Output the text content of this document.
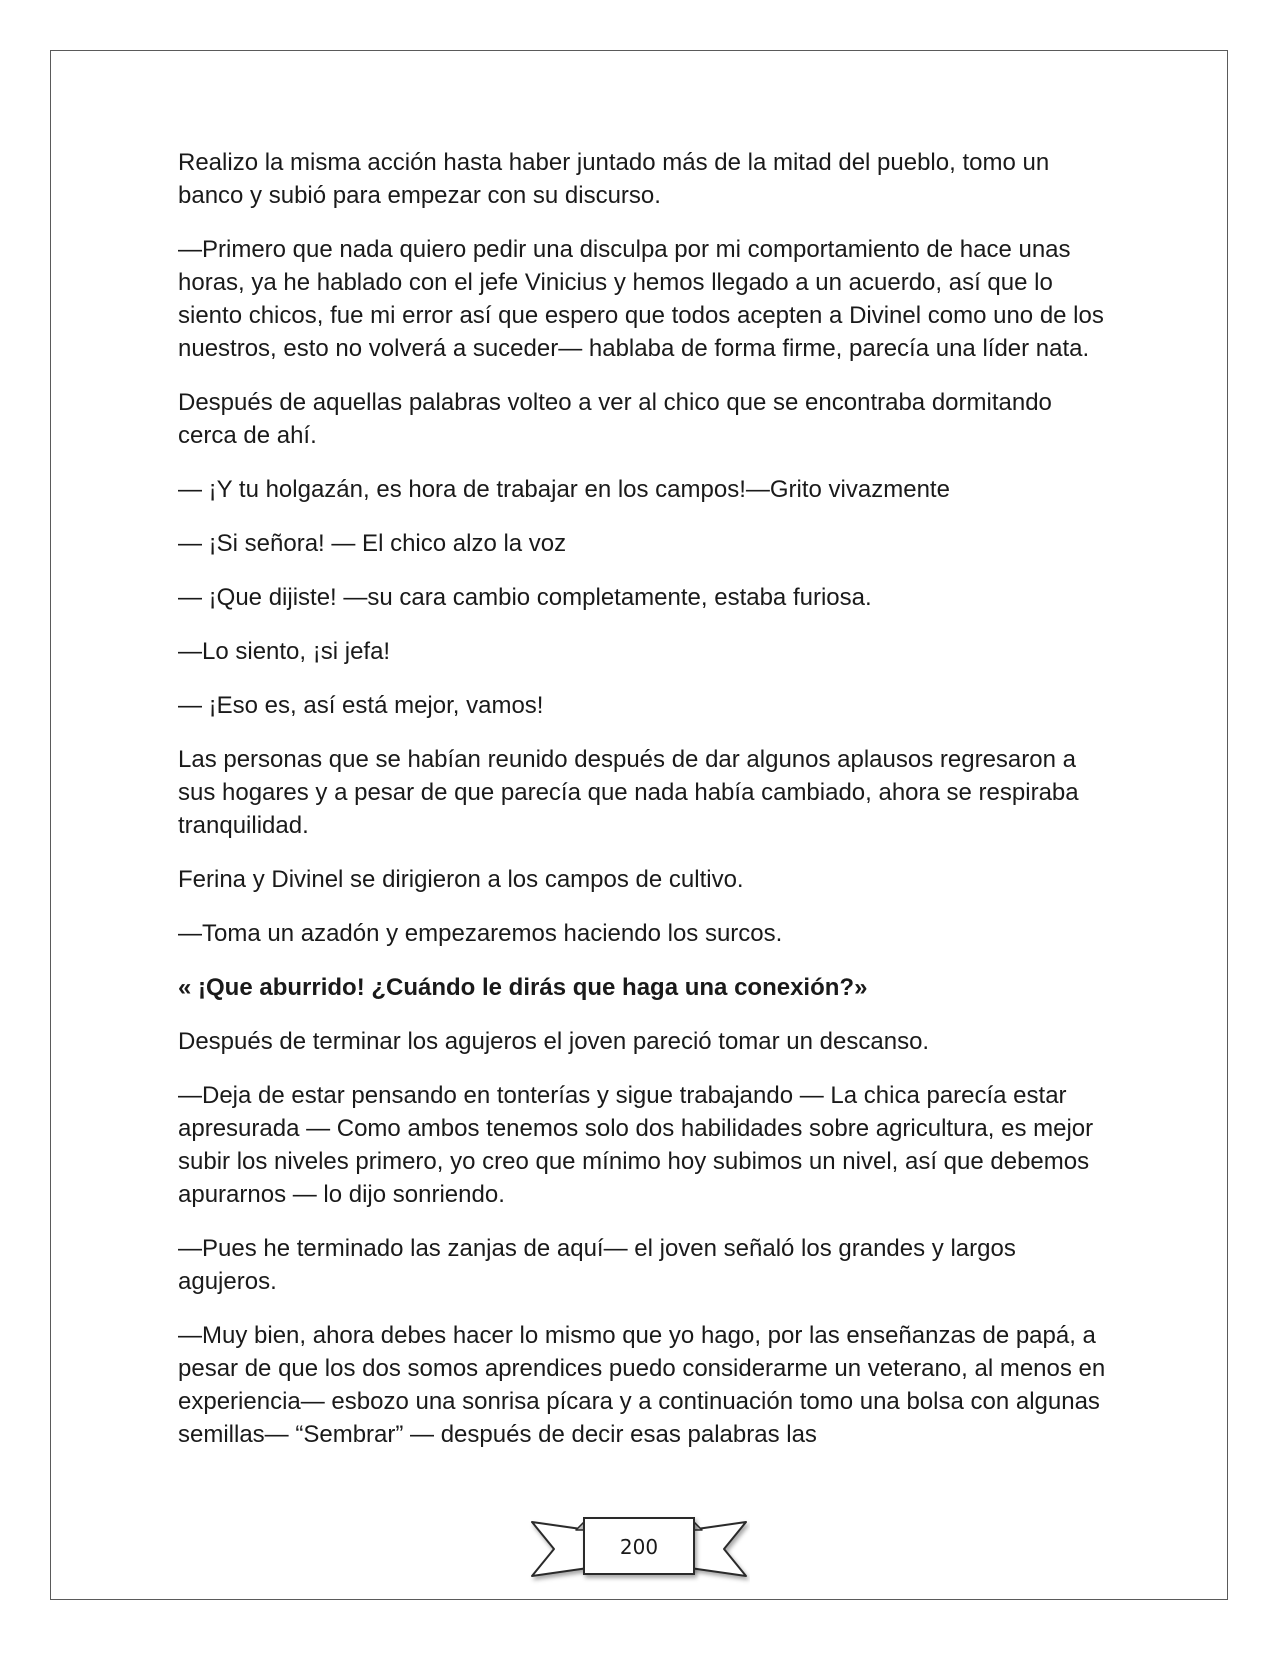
Realizo la misma acción hasta haber juntado más de la mitad del pueblo, tomo un banco y subió para empezar con su discurso.

—Primero que nada quiero pedir una disculpa por mi comportamiento de hace unas horas, ya he hablado con el jefe Vinicius y hemos llegado a un acuerdo, así que lo siento chicos, fue mi error así que espero que todos acepten a Divinel como uno de los nuestros, esto no volverá a suceder— hablaba de forma firme, parecía una líder nata.

Después de aquellas palabras volteo a ver al chico que se encontraba dormitando cerca de ahí.

— ¡Y tu holgazán, es hora de trabajar en los campos!—Grito vivazmente

— ¡Si señora! — El chico alzo la voz

— ¡Que dijiste! —su cara cambio completamente, estaba furiosa.

—Lo siento, ¡si jefa!

— ¡Eso es, así está mejor, vamos!

Las personas que se habían reunido después de dar algunos aplausos regresaron a sus hogares y a pesar de que parecía que nada había cambiado, ahora se respiraba tranquilidad.

Ferina y Divinel se dirigieron a los campos de cultivo.

—Toma un azadón y empezaremos haciendo los surcos.

« ¡Que aburrido! ¿Cuándo le dirás que haga una conexión?»

Después de terminar los agujeros el joven pareció tomar un descanso.

—Deja de estar pensando en tonterías y sigue trabajando — La chica parecía estar apresurada — Como ambos tenemos solo dos habilidades sobre agricultura, es mejor subir los niveles primero, yo creo que mínimo hoy subimos un nivel, así que debemos apurarnos — lo dijo sonriendo.

—Pues he terminado las zanjas de aquí— el joven señaló los grandes y largos agujeros.

—Muy bien, ahora debes hacer lo mismo que yo hago, por las enseñanzas de papá, a pesar de que los dos somos aprendices puedo considerarme un veterano, al menos en experiencia— esbozo una sonrisa pícara y a continuación tomo una bolsa con algunas semillas— “Sembrar” — después de decir esas palabras las

200
